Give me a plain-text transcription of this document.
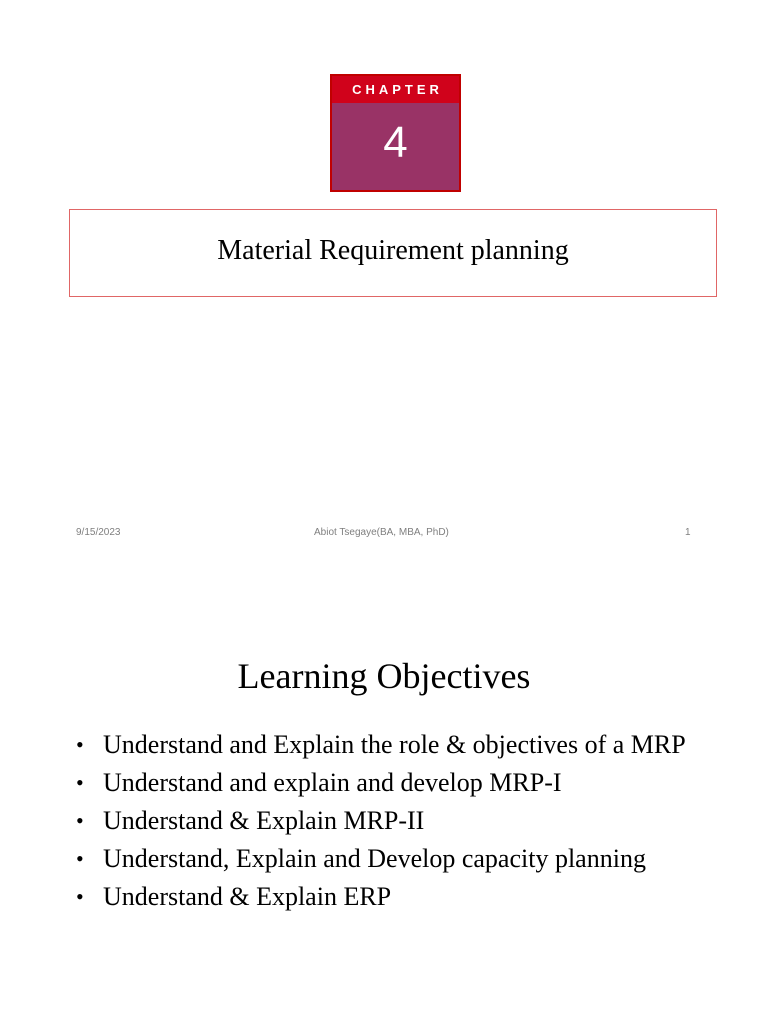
CHAPTER
4
Material Requirement planning
9/15/2023	Abiot Tsegaye(BA, MBA, PhD)	1
Learning Objectives
• Understand and Explain the role & objectives of a MRP
• Understand and explain and develop MRP-I
• Understand & Explain MRP-II
• Understand, Explain and Develop capacity planning
• Understand & Explain ERP
